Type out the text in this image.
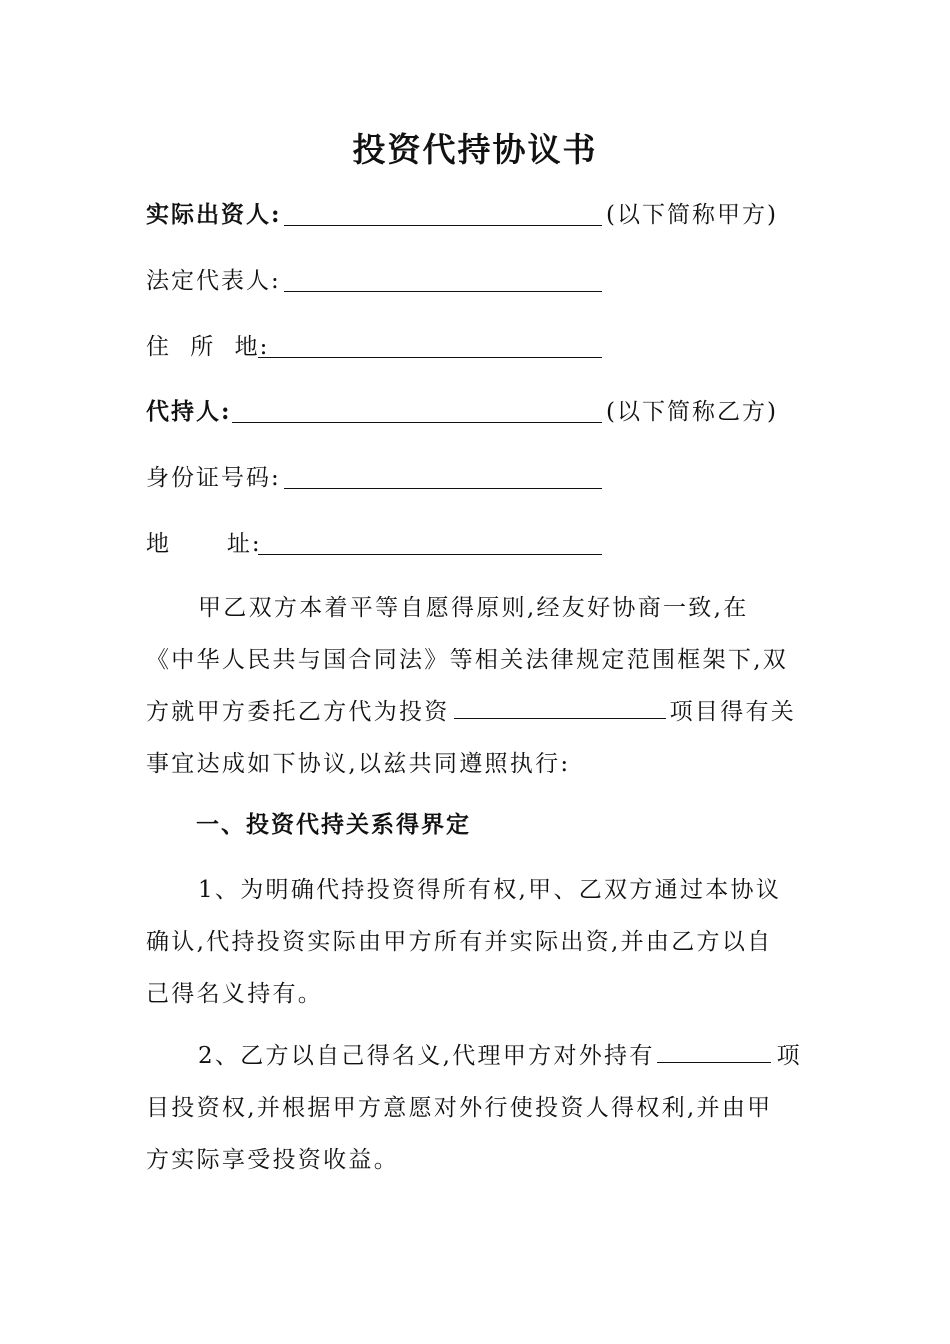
投资代持协议书
实际出资人:	(以下简称甲方)
法定代表人:
住 所 地:
代持人:	(以下简称乙方)
身份证号码:
地      址:
甲乙双方本着平等自愿得原则,经友好协商一致,在
《中华人民共与国合同法》等相关法律规定范围框架下,双
方就甲方委托乙方代为投资	项目得有关
事宜达成如下协议,以兹共同遵照执行:
一、投资代持关系得界定
1、为明确代持投资得所有权,甲、乙双方通过本协议
确认,代持投资实际由甲方所有并实际出资,并由乙方以自
己得名义持有。
2、乙方以自己得名义,代理甲方对外持有	项
目投资权,并根据甲方意愿对外行使投资人得权利,并由甲
方实际享受投资收益。
